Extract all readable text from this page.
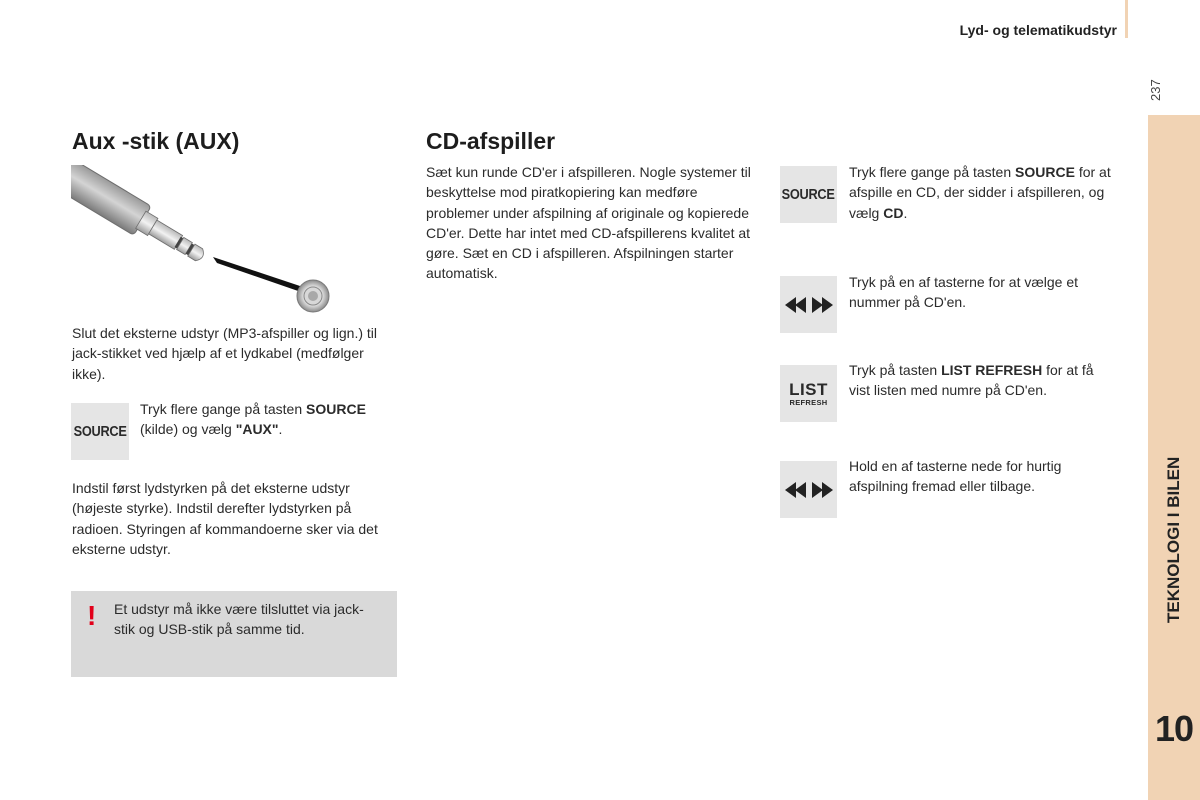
Lyd- og telematikudstyr
237
TEKNOLOGI I BILEN
10
Aux -stik (AUX)

Slut det eksterne udstyr (MP3-afspiller og lign.) til jack-stikket ved hjælp af et lydkabel (medfølger ikke).

SOURCE

Tryk flere gange på tasten SOURCE (kilde) og vælg "AUX".

Indstil først lydstyrken på det eksterne udstyr (højeste styrke). Indstil derefter lydstyrken på radioen. Styringen af kommandoerne sker via det eksterne udstyr.

! Et udstyr må ikke være tilsluttet via jack-stik og USB-stik på samme tid.

CD-afspiller

Sæt kun runde CD'er i afspilleren. Nogle systemer til beskyttelse mod piratkopiering kan medføre problemer under afspilning af originale og kopierede CD'er. Dette har intet med CD-afspillerens kvalitet at gøre. Sæt en CD i afspilleren. Afspilningen starter automatisk.

SOURCE

Tryk flere gange på tasten SOURCE for at afspille en CD, der sidder i afspilleren, og vælg CD.

Tryk på en af tasterne for at vælge et nummer på CD'en.

LIST
REFRESH

Tryk på tasten LIST REFRESH for at få vist listen med numre på CD'en.

Hold en af tasterne nede for hurtig afspilning fremad eller tilbage.
